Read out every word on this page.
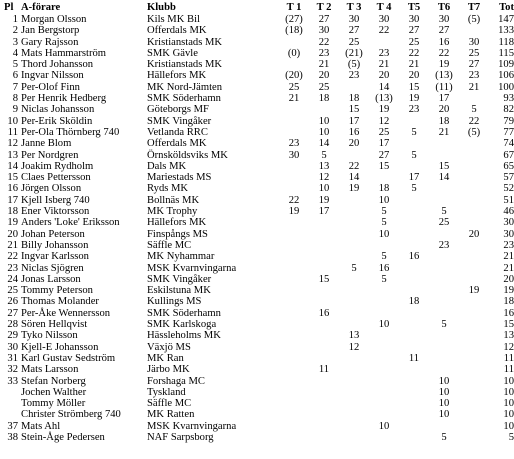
Pl	A-förare	Klubb	T 1	T 2	T 3	T 4	T5	T6	T7	Tot
1	Morgan Olsson	Kils MK Bil	(27)	27	30	30	30	30	(5)	147
2	Jan Bergstorp	Offerdals MK	(18)	30	27	22	27	27		133
3	Gary Rajsson	Kristianstads MK		22	25		25	16	30	118
4	Mats Hammarström	SMK Gävle	(0)	23	(21)	23	22	22	25	115
5	Thord Johansson	Kristianstads MK		21	(5)	21	21	19	27	109
6	Ingvar Nilsson	Hällefors MK	(20)	20	23	20	20	(13)	23	106
7	Per-Olof Finn	MK Nord-Jämten	25	25		14	15	(11)	21	100
8	Per Henrik Hedberg	SMK Söderhamn	21	18	18	(13)	19	17		93
9	Niclas Johansson	Göteborgs MF			15	19	23	20	5	82
10	Per-Erik Sköldin	SMK Vingåker		10	17	12		18	22	79
11	Per-Ola Thörnberg 740	Vetlanda RRC		10	16	25	5	21	(5)	77
12	Janne Blom	Offerdals MK	23	14	20	17				74
13	Per Nordgren	Örnsköldsviks MK	30	5		27	5			67
14	Joakim Rydholm	Dals MK		13	22	15		15		65
15	Claes Pettersson	Mariestads MS		12	14		17	14		57
16	Jörgen Olsson	Ryds MK		10	19	18	5			52
17	Kjell Isberg 740	Bollnäs MK	22	19		10				51
18	Ener Viktorsson	MK Trophy	19	17		5		5		46
19	Anders 'Loke' Eriksson	Hällefors MK				5		25		30
20	Johan Peterson	Finspångs MS				10			20	30
21	Billy Johansson	Säffle MC						23		23
22	Ingvar Karlsson	MK Nyhammar				5	16			21
23	Niclas Sjögren	MSK Kvarnvingarna			5	16				21
24	Jonas Larsson	SMK Vingåker		15		5				20
25	Tommy Peterson	Eskilstuna MK							19	19
26	Thomas Molander	Kullings MS					18			18
27	Per-Åke Wennersson	SMK Söderhamn		16						16
28	Sören Hellqvist	SMK Karlskoga				10		5		15
29	Tyko Nilsson	Hässleholms MK			13					13
30	Kjell-E Johansson	Växjö MS			12					12
31	Karl Gustav Sedström	MK Ran					11			11
32	Mats Larsson	Järbo MK		11						11
33	Stefan Norberg	Forshaga MC						10		10
	Jochen Walther	Tyskland						10		10
	Tommy Möller	Säffle MC						10		10
	Christer Strömberg 740	MK Ratten						10		10
37	Mats Ahl	MSK Kvarnvingarna				10				10
38	Stein-Åge Pedersen	NAF Sarpsborg						5		5
